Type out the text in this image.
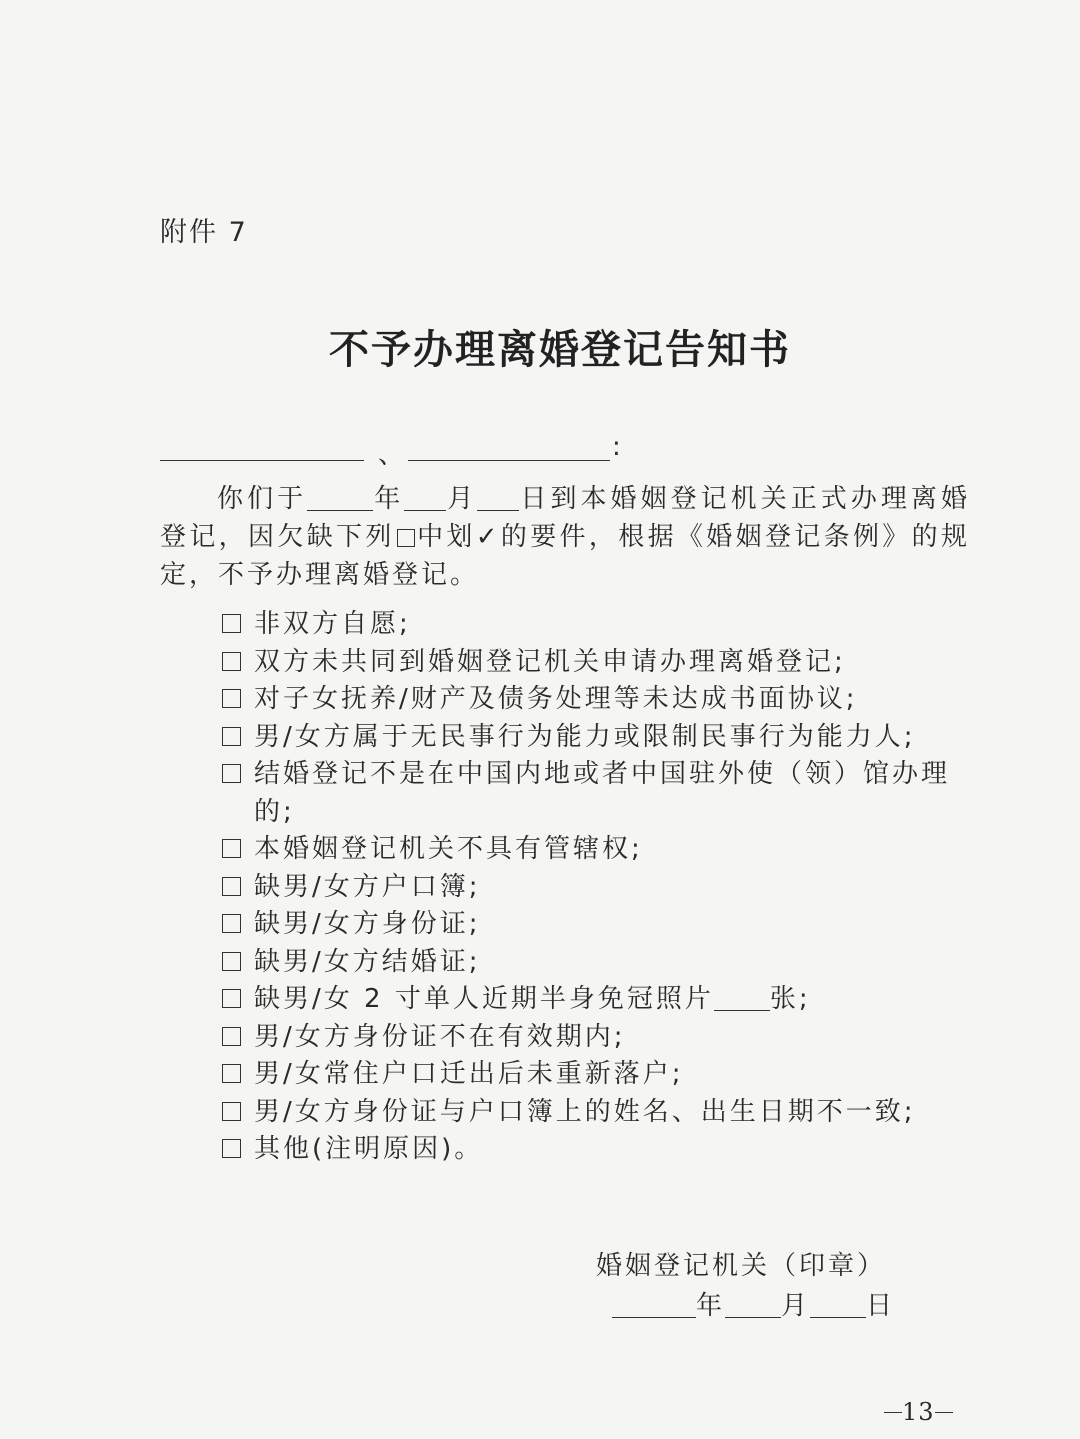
附件 7
不予办理离婚登记告知书
、	:

你们于	年 月 日到本婚姻登记机关正式办理离婚登记，因欠缺下列 中划✓的要件，根据《婚姻登记条例》的规定，不予办理离婚登记。

非双方自愿;
双方未共同到婚姻登记机关申请办理离婚登记;
对子女抚养/财产及债务处理等未达成书面协议;
男/女方属于无民事行为能力或限制民事行为能力人;
结婚登记不是在中国内地或者中国驻外使（领）馆办理的;
本婚姻登记机关不具有管辖权;
缺男/女方户口簿;
缺男/女方身份证;
缺男/女方结婚证;
缺男/女 2 寸单人近期半身免冠照片 张;
男/女方身份证不在有效期内;
男/女常住户口迁出后未重新落户;
男/女方身份证与户口簿上的姓名、出生日期不一致;
其他(注明原因)。
婚姻登记机关（印章）
年 月 日
13
